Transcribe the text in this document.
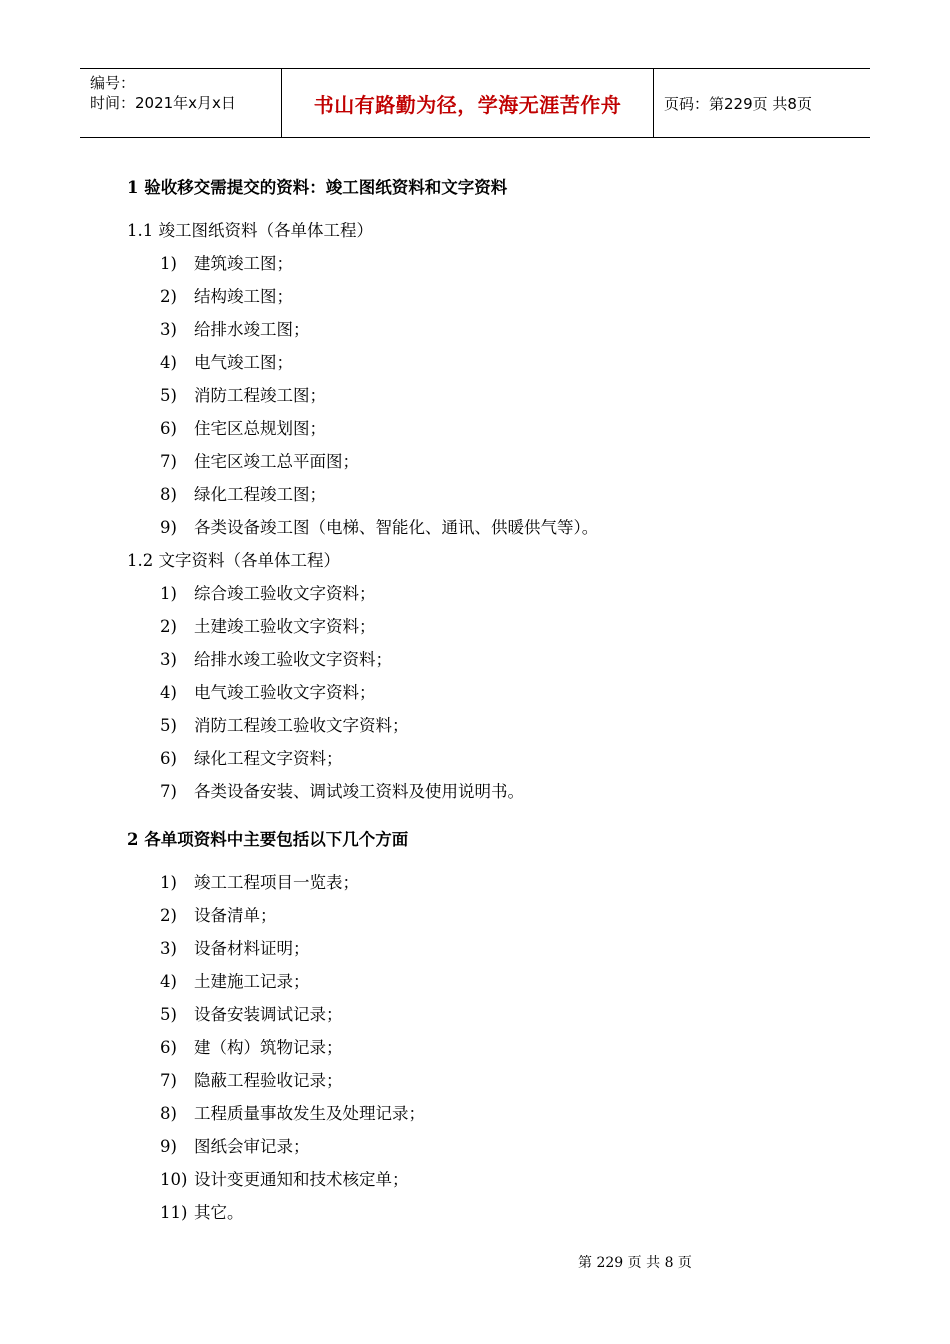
编号：
时间：2021年x月x日	书山有路勤为径，学海无涯苦作舟	页码：第229页 共8页
1 验收移交需提交的资料：竣工图纸资料和文字资料
1.1 竣工图纸资料（各单体工程）
1)	建筑竣工图；
2)	结构竣工图；
3)	给排水竣工图；
4)	电气竣工图；
5)	消防工程竣工图；
6)	住宅区总规划图；
7)	住宅区竣工总平面图；
8)	绿化工程竣工图；
9)	各类设备竣工图（电梯、智能化、通讯、供暖供气等）。
1.2 文字资料（各单体工程）
1)	综合竣工验收文字资料；
2)	土建竣工验收文字资料；
3)	给排水竣工验收文字资料；
4)	电气竣工验收文字资料；
5)	消防工程竣工验收文字资料；
6)	绿化工程文字资料；
7)	各类设备安装、调试竣工资料及使用说明书。
2 各单项资料中主要包括以下几个方面
1)	竣工工程项目一览表；
2)	设备清单；
3)	设备材料证明；
4)	土建施工记录；
5)	设备安装调试记录；
6)	建（构）筑物记录；
7)	隐蔽工程验收记录；
8)	工程质量事故发生及处理记录；
9)	图纸会审记录；
10) 设计变更通知和技术核定单；
11) 其它。
第 229 页 共 8 页
